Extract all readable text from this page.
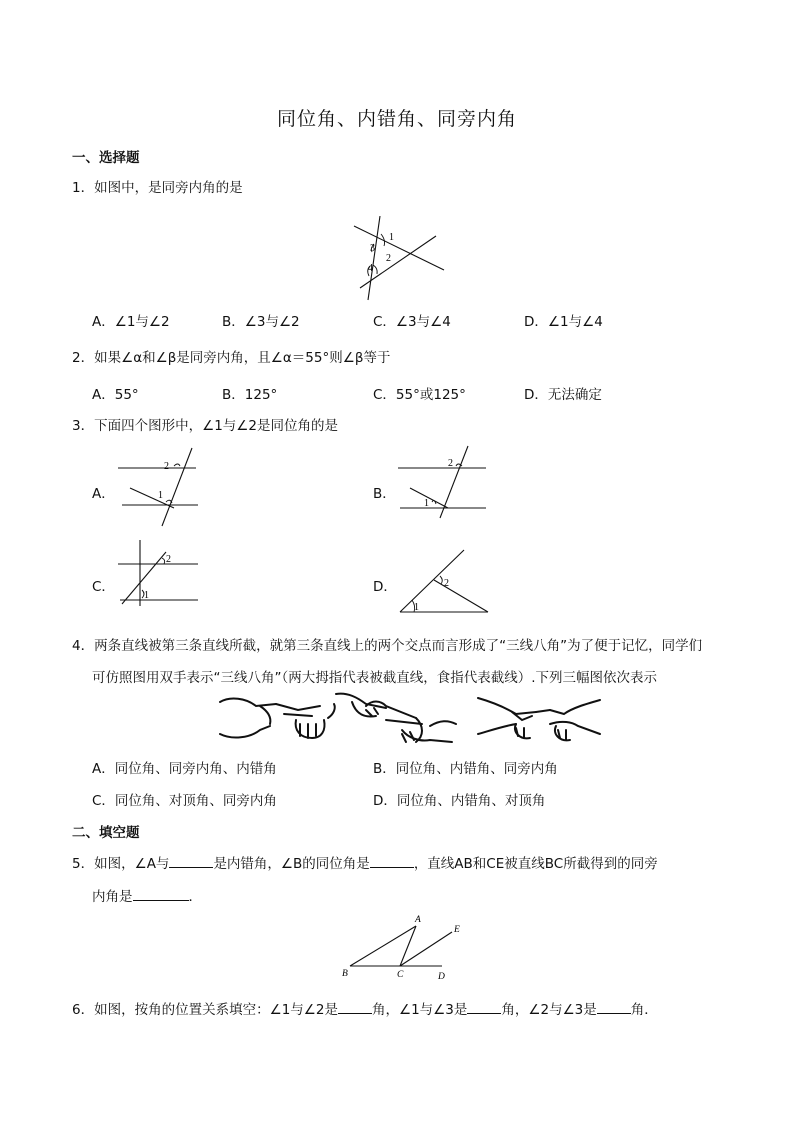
同位角、内错角、同旁内角
一、选择题
1．如图中，是同旁内角的是
1
2
3
4
A．∠1与∠2	B．∠3与∠2	C．∠3与∠4	D．∠1与∠4
2．如果∠α和∠β是同旁内角，且∠α＝55°则∠β等于
A．55°	B．125°	C．55°或125°	D．无法确定
3．下面四个图形中，∠1与∠2是同位角的是
A．
2
1	B．
2
1
C．
2
1
D．	2
1
4．两条直线被第三条直线所截，就第三条直线上的两个交点而言形成了“三线八角”为了便于记忆，同学们
可仿照图用双手表示“三线八角”（两大拇指代表被截直线，食指代表截线）.下列三幅图依次表示
A．同位角、同旁内角、内错角	B．同位角、内错角、同旁内角
C．同位角、对顶角、同旁内角	D．同位角、内错角、对顶角
二、填空题
5．如图，∠A与	是内错角，∠B的同位角是	，直线AB和CE被直线BC所截得到的同旁
内角是	．
A
E
B	C	D
6．如图，按角的位置关系填空：∠1与∠2是	角，∠1与∠3是	角，∠2与∠3是	角．
